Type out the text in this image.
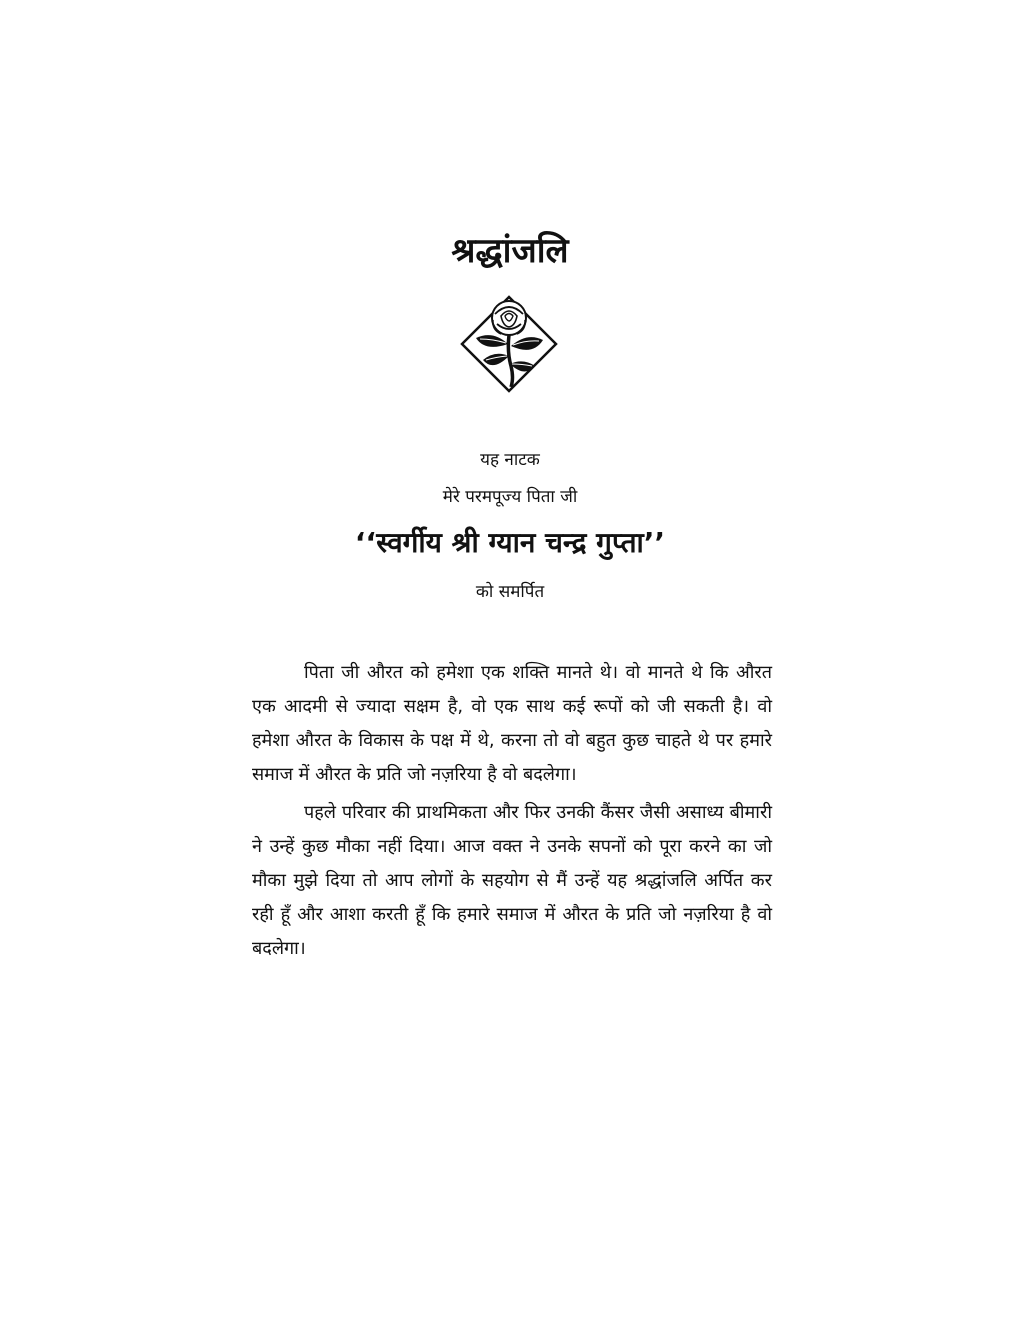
श्रद्धांजलि
यह नाटक
मेरे परमपूज्य पिता जी
‘‘स्वर्गीय श्री ग्यान चन्द्र गुप्ता’’
को समर्पित

पिता जी औरत को हमेशा एक शक्ति मानते थे। वो मानते थे कि औरत एक आदमी से ज्यादा सक्षम है, वो एक साथ कई रूपों को जी सकती है। वो हमेशा औरत के विकास के पक्ष में थे, करना तो वो बहुत कुछ चाहते थे पर हमारे समाज में औरत के प्रति जो नज़रिया है वो बदलेगा।

पहले परिवार की प्राथमिकता और फिर उनकी कैंसर जैसी असाध्य बीमारी ने उन्हें कुछ मौका नहीं दिया। आज वक्त ने उनके सपनों को पूरा करने का जो मौका मुझे दिया तो आप लोगों के सहयोग से मैं उन्हें यह श्रद्धांजलि अर्पित कर रही हूँ और आशा करती हूँ कि हमारे समाज में औरत के प्रति जो नज़रिया है वो बदलेगा।
